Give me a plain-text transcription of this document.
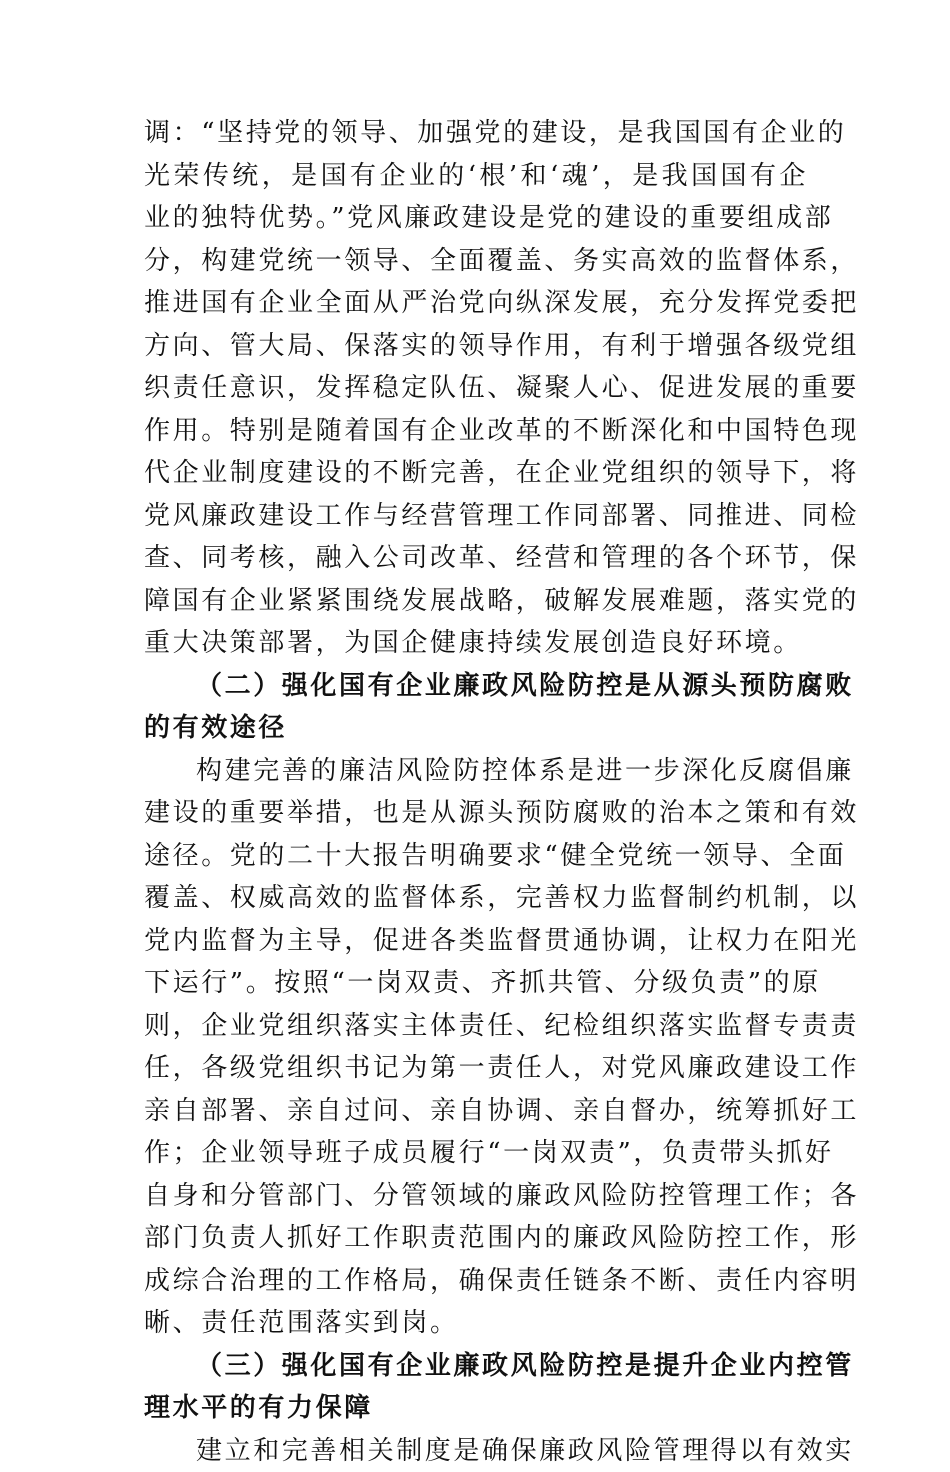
调：“坚持党的领导、加强党的建设，是我国国有企业的
光荣传统，是国有企业的‘根’和‘魂’，是我国国有企
业的独特优势。”党风廉政建设是党的建设的重要组成部
分，构建党统一领导、全面覆盖、务实高效的监督体系，
推进国有企业全面从严治党向纵深发展，充分发挥党委把
方向、管大局、保落实的领导作用，有利于增强各级党组
织责任意识，发挥稳定队伍、凝聚人心、促进发展的重要
作用。特别是随着国有企业改革的不断深化和中国特色现
代企业制度建设的不断完善，在企业党组织的领导下，将
党风廉政建设工作与经营管理工作同部署、同推进、同检
查、同考核，融入公司改革、经营和管理的各个环节，保
障国有企业紧紧围绕发展战略，破解发展难题，落实党的
重大决策部署，为国企健康持续发展创造良好环境。
（二）强化国有企业廉政风险防控是从源头预防腐败
的有效途径
构建完善的廉洁风险防控体系是进一步深化反腐倡廉
建设的重要举措，也是从源头预防腐败的治本之策和有效
途径。党的二十大报告明确要求“健全党统一领导、全面
覆盖、权威高效的监督体系，完善权力监督制约机制，以
党内监督为主导，促进各类监督贯通协调，让权力在阳光
下运行”。按照“一岗双责、齐抓共管、分级负责”的原
则，企业党组织落实主体责任、纪检组织落实监督专责责
任，各级党组织书记为第一责任人，对党风廉政建设工作
亲自部署、亲自过问、亲自协调、亲自督办，统筹抓好工
作；企业领导班子成员履行“一岗双责”，负责带头抓好
自身和分管部门、分管领域的廉政风险防控管理工作；各
部门负责人抓好工作职责范围内的廉政风险防控工作，形
成综合治理的工作格局，确保责任链条不断、责任内容明
晰、责任范围落实到岗。
（三）强化国有企业廉政风险防控是提升企业内控管
理水平的有力保障
建立和完善相关制度是确保廉政风险管理得以有效实
